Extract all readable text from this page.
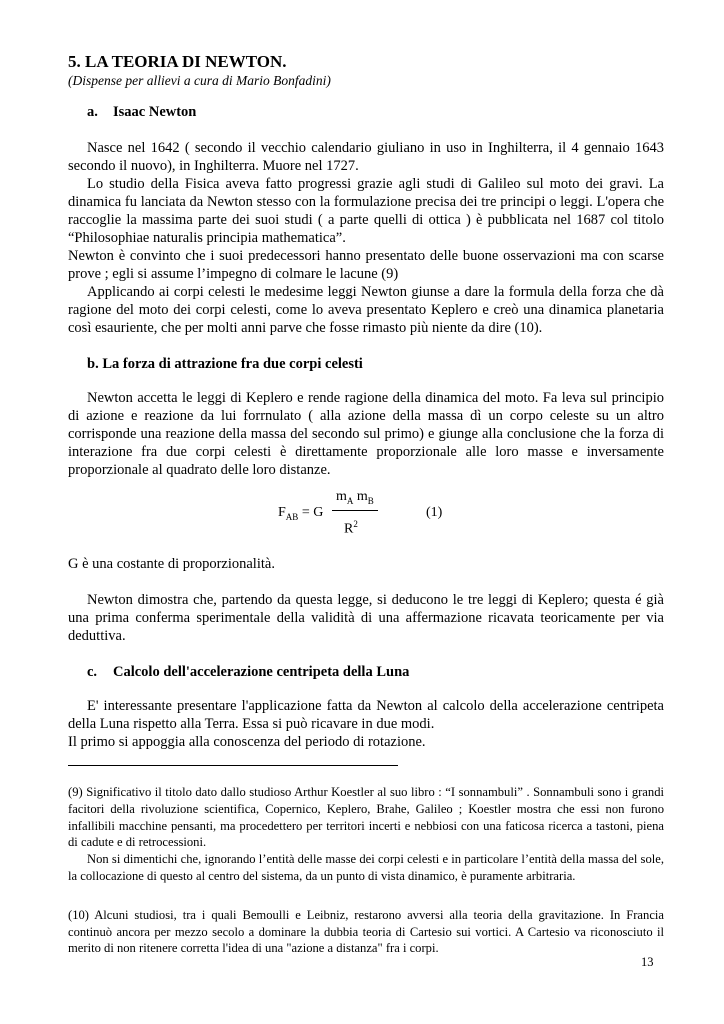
5. LA TEORIA DI NEWTON.
(Dispense per allievi a cura di Mario Bonfadini)
a. Isaac Newton

Nasce nel 1642 ( secondo il vecchio calendario giuliano in uso in Inghilterra, il 4 gennaio 1643 secondo il nuovo), in Inghilterra. Muore nel 1727.

Lo studio della Fisica aveva fatto progressi grazie agli studi di Galileo sul moto dei gravi. La dinamica fu lanciata da Newton stesso con la formulazione precisa dei tre principi o leggi. L'opera che raccoglie la massima parte dei suoi studi ( a parte quelli di ottica ) è pubblicata nel 1687 col titolo “Philosophiae naturalis principia mathematica”.

Newton è convinto che i suoi predecessori hanno presentato delle buone osservazioni ma con scarse prove ; egli si assume l’impegno di colmare le lacune (9)

Applicando ai corpi celesti le medesime leggi Newton giunse a dare la formula della forza che dà ragione del moto dei corpi celesti, come lo aveva presentato Keplero e creò una dinamica planetaria così esauriente, che per molti anni parve che fosse rimasto più niente da dire (10).

b. La forza di attrazione fra due corpi celesti

Newton accetta le leggi di Keplero e rende ragione della dinamica del moto. Fa leva sul principio di azione e reazione da lui forrnulato ( alla azione della massa dì un corpo celeste su un altro corrisponde una reazione della massa del secondo sul primo) e giunge alla conclusione che la forza di interazione fra due corpi celesti è direttamente proporzionale alle loro masse e inversamente proporzionale al quadrato delle loro distanze.

$m_A$ $m_B$
$F_{AB} = G$
$R^2$
(1)

G è una costante di proporzionalità.

Newton dimostra che, partendo da questa legge, si deducono le tre leggi di Keplero; questa é già una prima conferma sperimentale della validità di una affermazione ricavata teoricamente per via deduttiva.

c. Calcolo dell'accelerazione centripeta della Luna

E' interessante presentare l'applicazione fatta da Newton al calcolo della accelerazione centripeta della Luna rispetto alla Terra. Essa si può ricavare in due modi.

Il primo si appoggia alla conoscenza del periodo di rotazione.

(9) Significativo il titolo dato dallo studioso Arthur Koestler al suo libro : “I sonnambuli” . Sonnambuli sono i grandi facitori della rivoluzione scientifica, Copernico, Keplero, Brahe, Galileo ; Koestler mostra che essi non furono infallibili macchine pensanti, ma procedettero per territori incerti e nebbiosi con una faticosa ricerca a tastoni, piena di cadute e di retrocessioni.

Non si dimentichi che, ignorando l’entità delle masse dei corpi celesti e in particolare l’entità della massa del sole, la collocazione di questo al centro del sistema, da un punto di vista dinamico, è puramente arbitraria.

(10) Alcuni studiosi, tra i quali Bemoulli e Leibniz, restarono avversi alla teoria della gravitazione. In Francia continuò ancora per mezzo secolo a dominare la dubbia teoria di Cartesio sui vortici. A Cartesio va riconosciuto il merito di non ritenere corretta l'idea di una "azione a distanza" fra i corpi.

13
